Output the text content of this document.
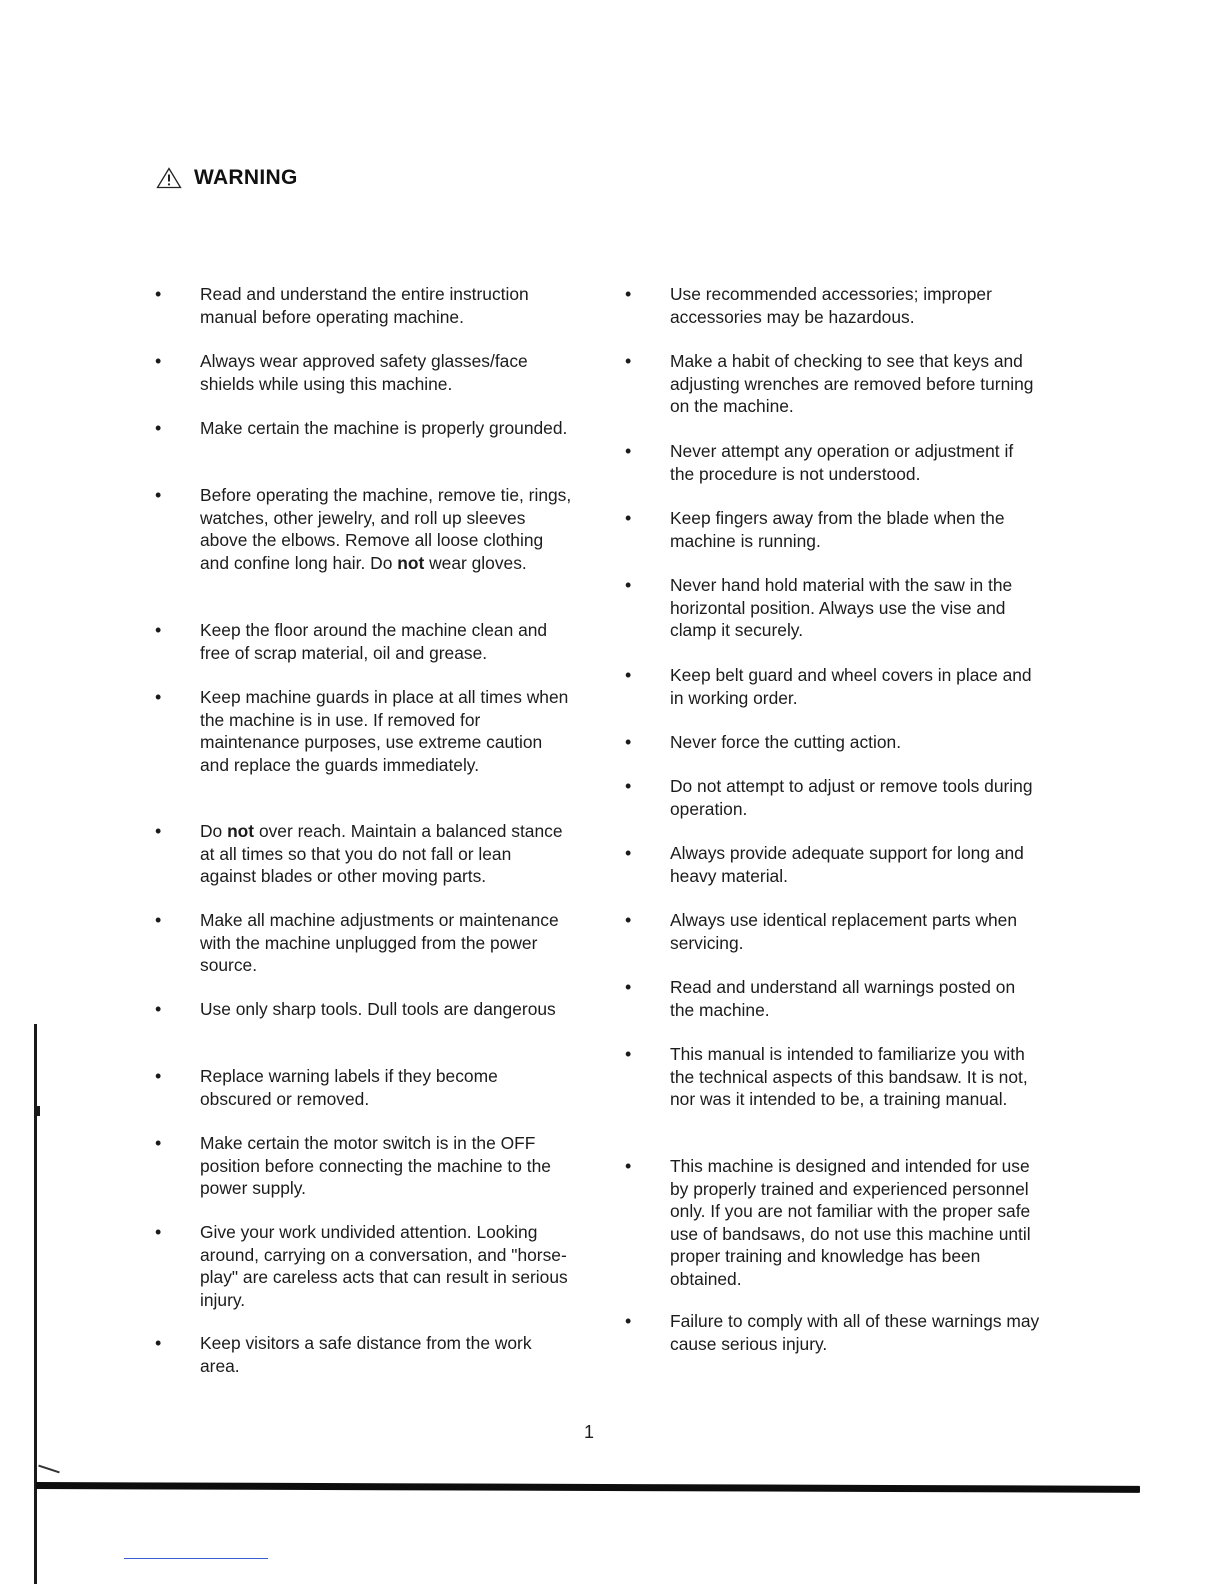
WARNING
•	Read and understand the entire instruction manual before operating machine.
•	Always wear approved safety glasses/face shields while using this machine.
•	Make certain the machine is properly grounded.
•	Before operating the machine, remove tie, rings, watches, other jewelry, and roll up sleeves above the elbows. Remove all loose clothing and confine long hair. Do not wear gloves.
•	Keep the floor around the machine clean and free of scrap material, oil and grease.
•	Keep machine guards in place at all times when the machine is in use. If removed for maintenance purposes, use extreme caution and replace the guards immediately.
•	Do not over reach. Maintain a balanced stance at all times so that you do not fall or lean against blades or other moving parts.
•	Make all machine adjustments or maintenance with the machine unplugged from the power source.
•	Use only sharp tools. Dull tools are dangerous
•	Replace warning labels if they become obscured or removed.
•	Make certain the motor switch is in the OFF position before connecting the machine to the power supply.
•	Give your work undivided attention. Looking around, carrying on a conversation, and "horse-play" are careless acts that can result in serious injury.
•	Keep visitors a safe distance from the work area.
•	Use recommended accessories; improper accessories may be hazardous.
•	Make a habit of checking to see that keys and adjusting wrenches are removed before turning on the machine.
•	Never attempt any operation or adjustment if the procedure is not understood.
•	Keep fingers away from the blade when the machine is running.
•	Never hand hold material with the saw in the horizontal position. Always use the vise and clamp it securely.
•	Keep belt guard and wheel covers in place and in working order.
•	Never force the cutting action.
•	Do not attempt to adjust or remove tools during operation.
•	Always provide adequate support for long and heavy material.
•	Always use identical replacement parts when servicing.
•	Read and understand all warnings posted on the machine.
•	This manual is intended to familiarize you with the technical aspects of this bandsaw. It is not, nor was it intended to be, a training manual.
•	This machine is designed and intended for use by properly trained and experienced personnel only. If you are not familiar with the proper safe use of bandsaws, do not use this machine until proper training and knowledge has been obtained.
•	Failure to comply with all of these warnings may cause serious injury.
1
